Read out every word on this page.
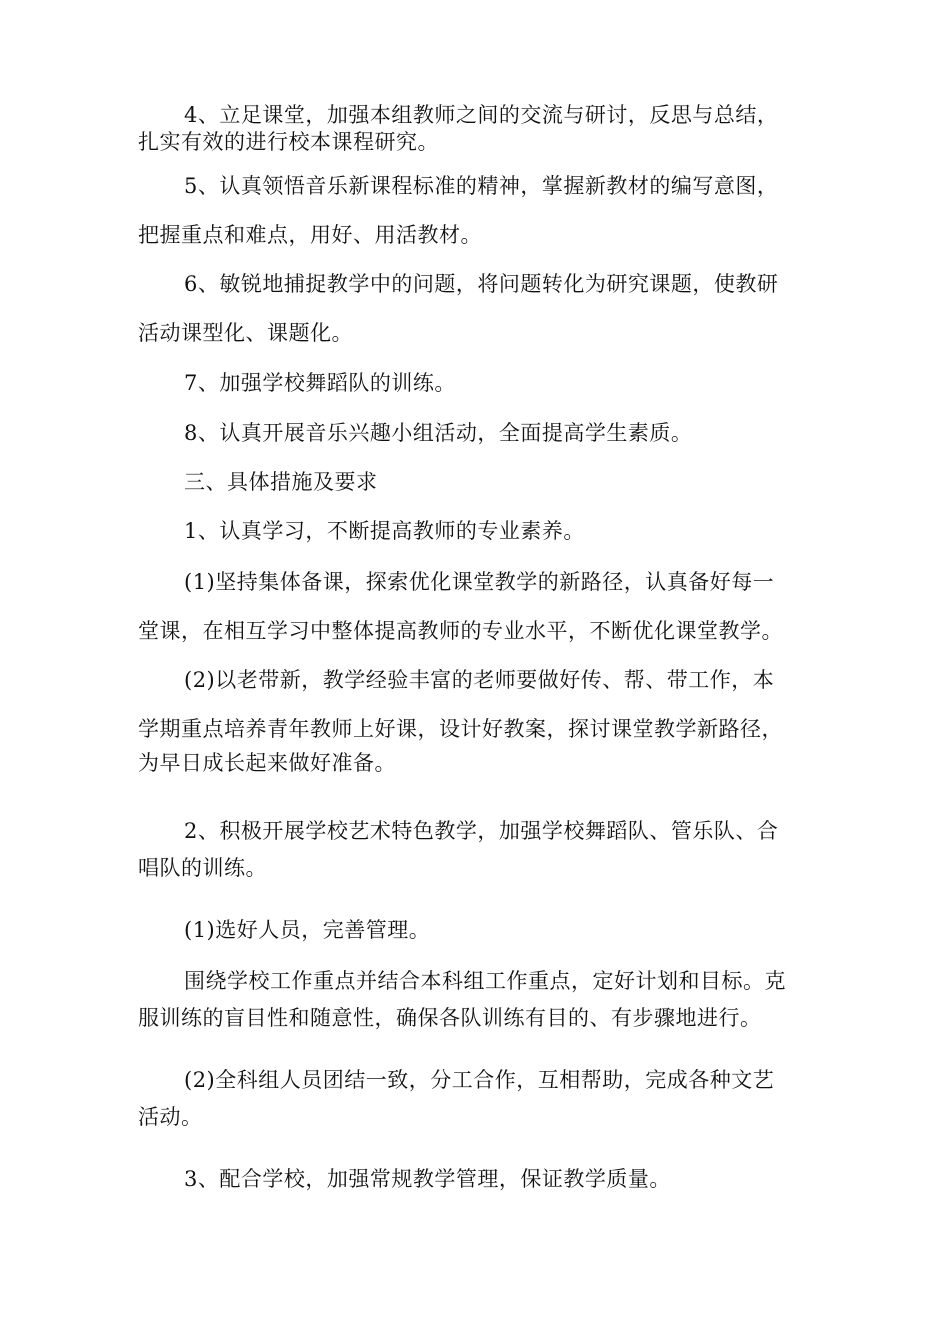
4、立足课堂，加强本组教师之间的交流与研讨，反思与总结，
扎实有效的进行校本课程研究。

5、认真领悟音乐新课程标准的精神，掌握新教材的编写意图，
把握重点和难点，用好、用活教材。

6、敏锐地捕捉教学中的问题，将问题转化为研究课题，使教研
活动课型化、课题化。

7、加强学校舞蹈队的训练。

8、认真开展音乐兴趣小组活动，全面提高学生素质。

三、具体措施及要求

1、认真学习，不断提高教师的专业素养。

(1)坚持集体备课，探索优化课堂教学的新路径，认真备好每一
堂课，在相互学习中整体提高教师的专业水平，不断优化课堂教学。

(2)以老带新，教学经验丰富的老师要做好传、帮、带工作，本
学期重点培养青年教师上好课，设计好教案，探讨课堂教学新路径，
为早日成长起来做好准备。

2、积极开展学校艺术特色教学，加强学校舞蹈队、管乐队、合
唱队的训练。

(1)选好人员，完善管理。

围绕学校工作重点并结合本科组工作重点，定好计划和目标。克
服训练的盲目性和随意性，确保各队训练有目的、有步骤地进行。

(2)全科组人员团结一致，分工合作，互相帮助，完成各种文艺
活动。

3、配合学校，加强常规教学管理，保证教学质量。
